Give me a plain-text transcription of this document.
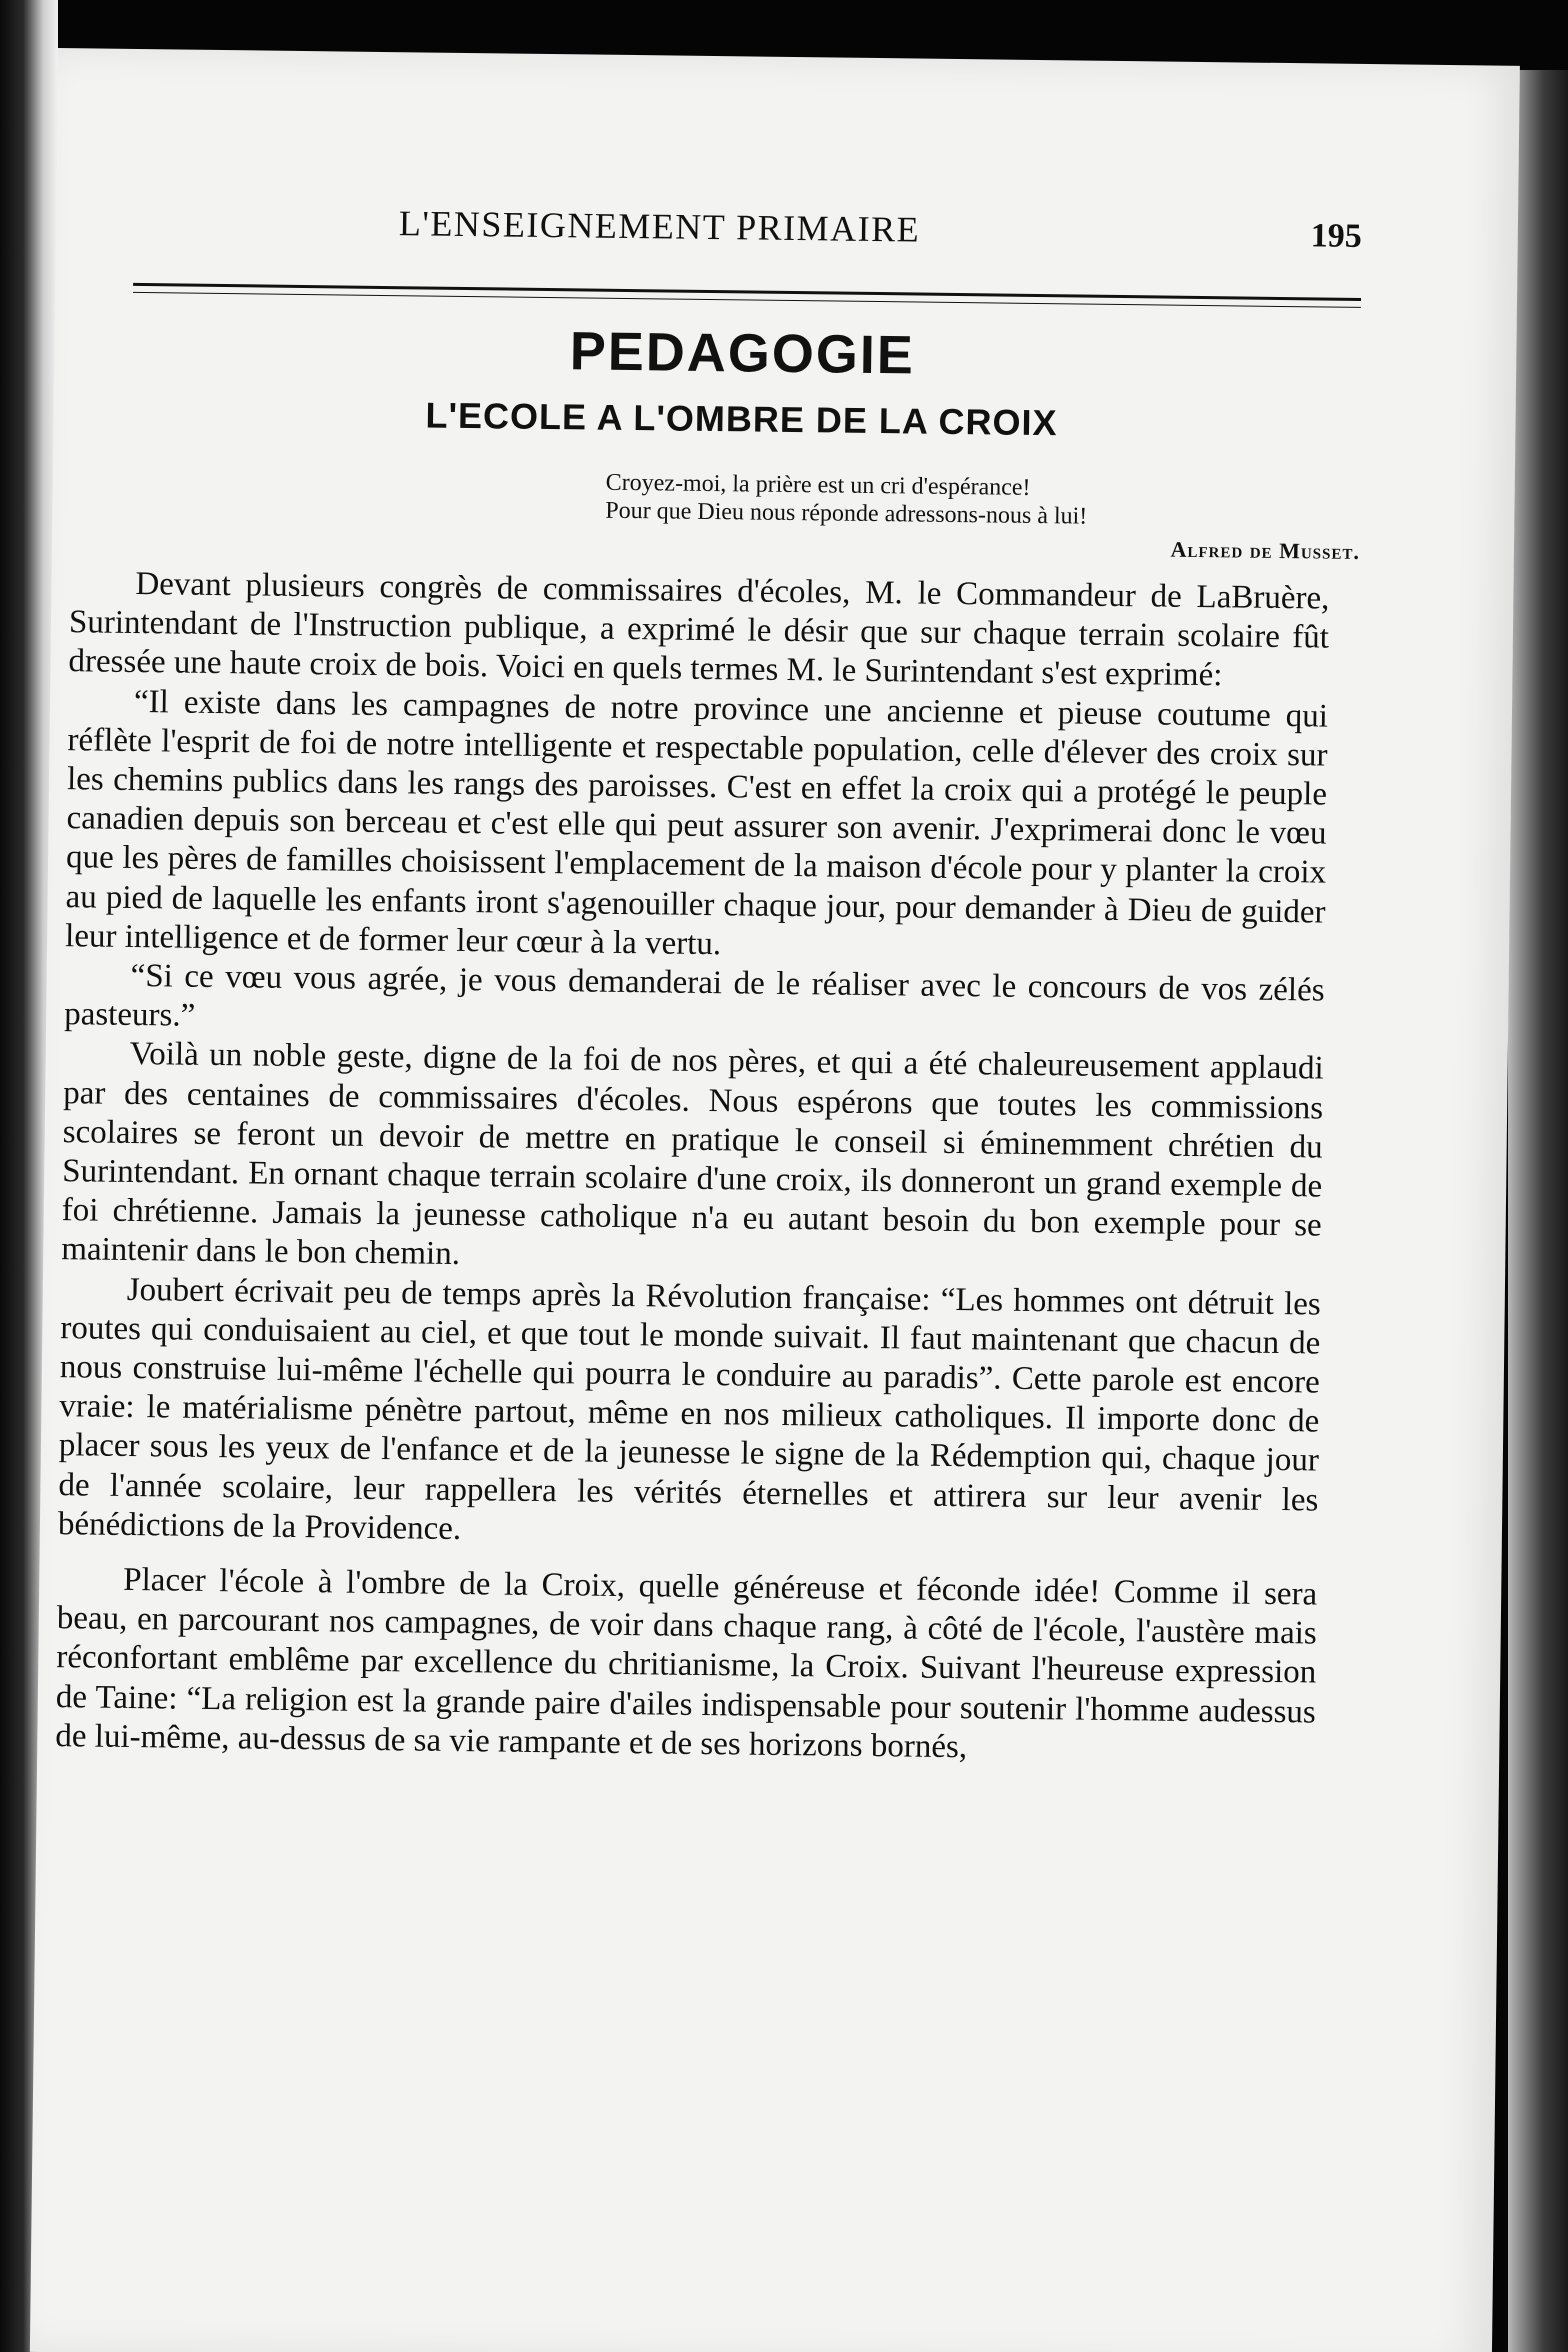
L'ENSEIGNEMENT PRIMAIRE	195
PEDAGOGIE
L'ECOLE A L'OMBRE DE LA CROIX
Croyez-moi, la prière est un cri d'espérance!
Pour que Dieu nous réponde adressons-nous à lui!
Alfred de Musset.

Devant plusieurs congrès de commissaires d'écoles, M. le Commandeur de LaBruère, Surintendant de l'Instruction publique, a exprimé le désir que sur chaque terrain scolaire fût dressée une haute croix de bois. Voici en quels termes M. le Surintendant s'est exprimé:

“Il existe dans les campagnes de notre province une ancienne et pieuse coutume qui réflète l'esprit de foi de notre intelligente et respectable population, celle d'élever des croix sur les chemins publics dans les rangs des paroisses. C'est en effet la croix qui a protégé le peuple canadien depuis son berceau et c'est elle qui peut assurer son avenir. J'exprimerai donc le vœu que les pères de familles choisissent l'emplacement de la maison d'école pour y planter la croix au pied de laquelle les enfants iront s'agenouiller chaque jour, pour demander à Dieu de guider leur intelligence et de former leur cœur à la vertu.

“Si ce vœu vous agrée, je vous demanderai de le réaliser avec le concours de vos zélés pasteurs.”

Voilà un noble geste, digne de la foi de nos pères, et qui a été chaleureusement applaudi par des centaines de commissaires d'écoles. Nous espérons que toutes les commissions scolaires se feront un devoir de mettre en pratique le conseil si éminemment chrétien du Surintendant. En ornant chaque terrain scolaire d'une croix, ils donneront un grand exemple de foi chrétienne. Jamais la jeunesse catholique n'a eu autant besoin du bon exemple pour se maintenir dans le bon chemin.

Joubert écrivait peu de temps après la Révolution française: “Les hommes ont détruit les routes qui conduisaient au ciel, et que tout le monde suivait. Il faut maintenant que chacun de nous construise lui-même l'échelle qui pourra le conduire au paradis”. Cette parole est encore vraie: le matérialisme pénètre partout, même en nos milieux catholiques. Il importe donc de placer sous les yeux de l'enfance et de la jeunesse le signe de la Rédemption qui, chaque jour de l'année scolaire, leur rappellera les vérités éternelles et attirera sur leur avenir les bénédictions de la Providence.

Placer l'école à l'ombre de la Croix, quelle généreuse et féconde idée! Comme il sera beau, en parcourant nos campagnes, de voir dans chaque rang, à côté de l'école, l'austère mais réconfortant emblême par excellence du chritianisme, la Croix. Suivant l'heureuse expression de Taine: “La religion est la grande paire d'ailes indispensable pour soutenir l'homme audessus de lui-même, au-dessus de sa vie rampante et de ses horizons bornés,
